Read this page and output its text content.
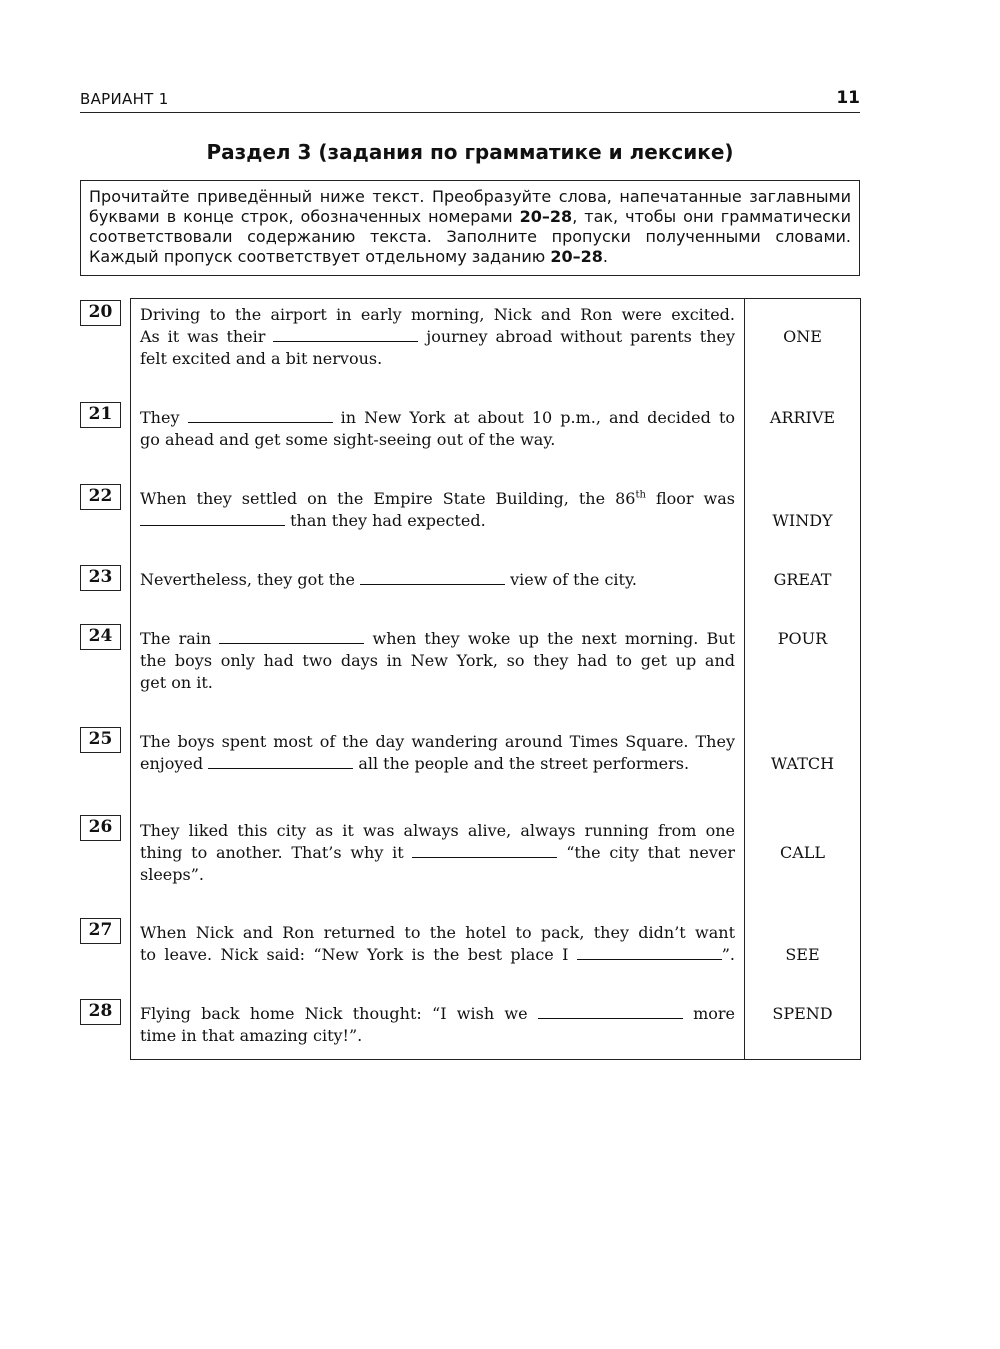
ВАРИАНТ 1	11
Раздел 3 (задания по грамматике и лексике)
Прочитайте приведённый ниже текст. Преобразуйте слова, напечатанные заглавными буквами в конце строк, обозначенных номерами 20–28, так, чтобы они грамматически соответствовали содержанию текста. Заполните пропуски полученными словами. Каждый пропуск соответствует отдельному заданию 20–28.
20	Driving to the airport in early morning, Nick and Ron were excited.
As it was their	journey abroad without parents they
felt excited and a bit nervous.
ONE
21	They	in New York at about 10 p.m., and decided to
go ahead and get some sight-seeing out of the way.
ARRIVE
22	When they settled on the Empire State Building, the 86th floor was
than they had expected.	WINDY
23	Nevertheless, they got the	view of the city.	GREAT
24	The rain	when they woke up the next morning. But
the boys only had two days in New York, so they had to get up and
get on it.
POUR
25	The boys spent most of the day wandering around Times Square. They
enjoyed	all the people and the street performers.	WATCH
26	They liked this city as it was always alive, always running from one
thing to another. That’s why it	“the city that never
sleeps”.
CALL
27	When Nick and Ron returned to the hotel to pack, they didn’t want
to leave. Nick said: “New York is the best place I	”.	SEE
28	Flying back home Nick thought: “I wish we	more
time in that amazing city!”.
SPEND
